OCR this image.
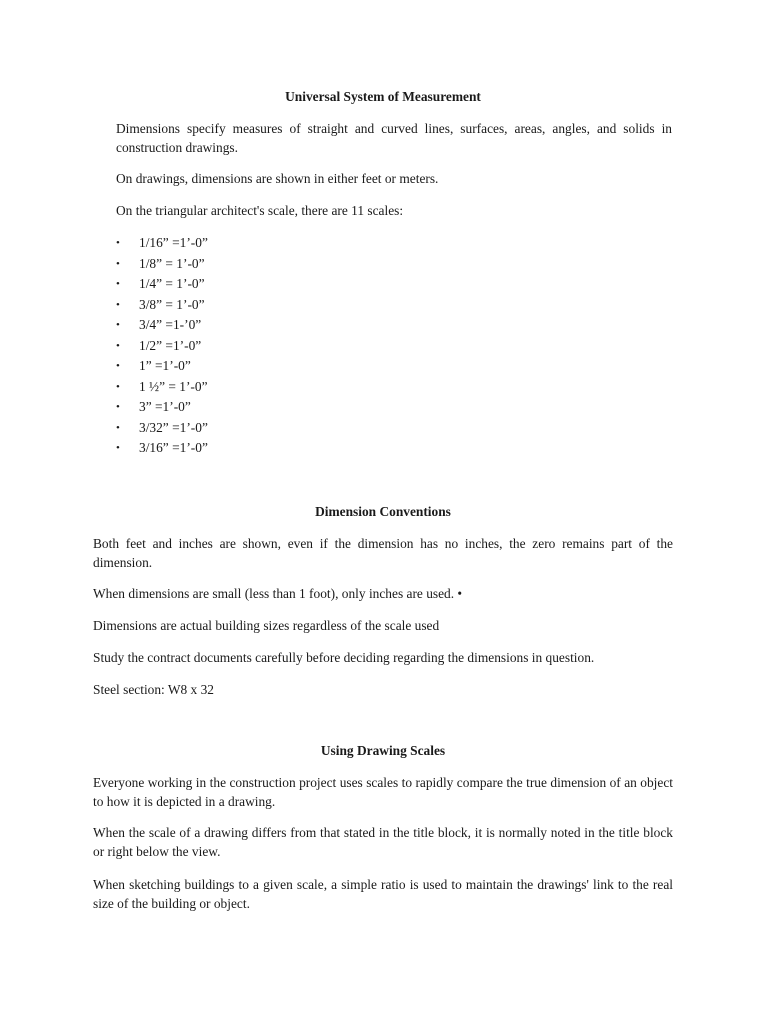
Universal System of Measurement

Dimensions specify measures of straight and curved lines, surfaces, areas, angles, and solids in construction drawings.

On drawings, dimensions are shown in either feet or meters.

On the triangular architect's scale, there are 11 scales:

• 1/16” =1’-0”
• 1/8” = 1’-0”
• 1/4” = 1’-0”
• 3/8” = 1’-0”
• 3/4” =1-’0”
• 1/2” =1’-0”
• 1” =1’-0”
• 1 ½” = 1’-0”
• 3” =1’-0”
• 3/32” =1’-0”
• 3/16” =1’-0”
Dimension Conventions

Both feet and inches are shown, even if the dimension has no inches, the zero remains part of the dimension.

When dimensions are small (less than 1 foot), only inches are used. •

Dimensions are actual building sizes regardless of the scale used

Study the contract documents carefully before deciding regarding the dimensions in question.

Steel section: W8 x 32

Using Drawing Scales

Everyone working in the construction project uses scales to rapidly compare the true dimension of an object to how it is depicted in a drawing.

When the scale of a drawing differs from that stated in the title block, it is normally noted in the title block or right below the view.

When sketching buildings to a given scale, a simple ratio is used to maintain the drawings' link to the real size of the building or object.
